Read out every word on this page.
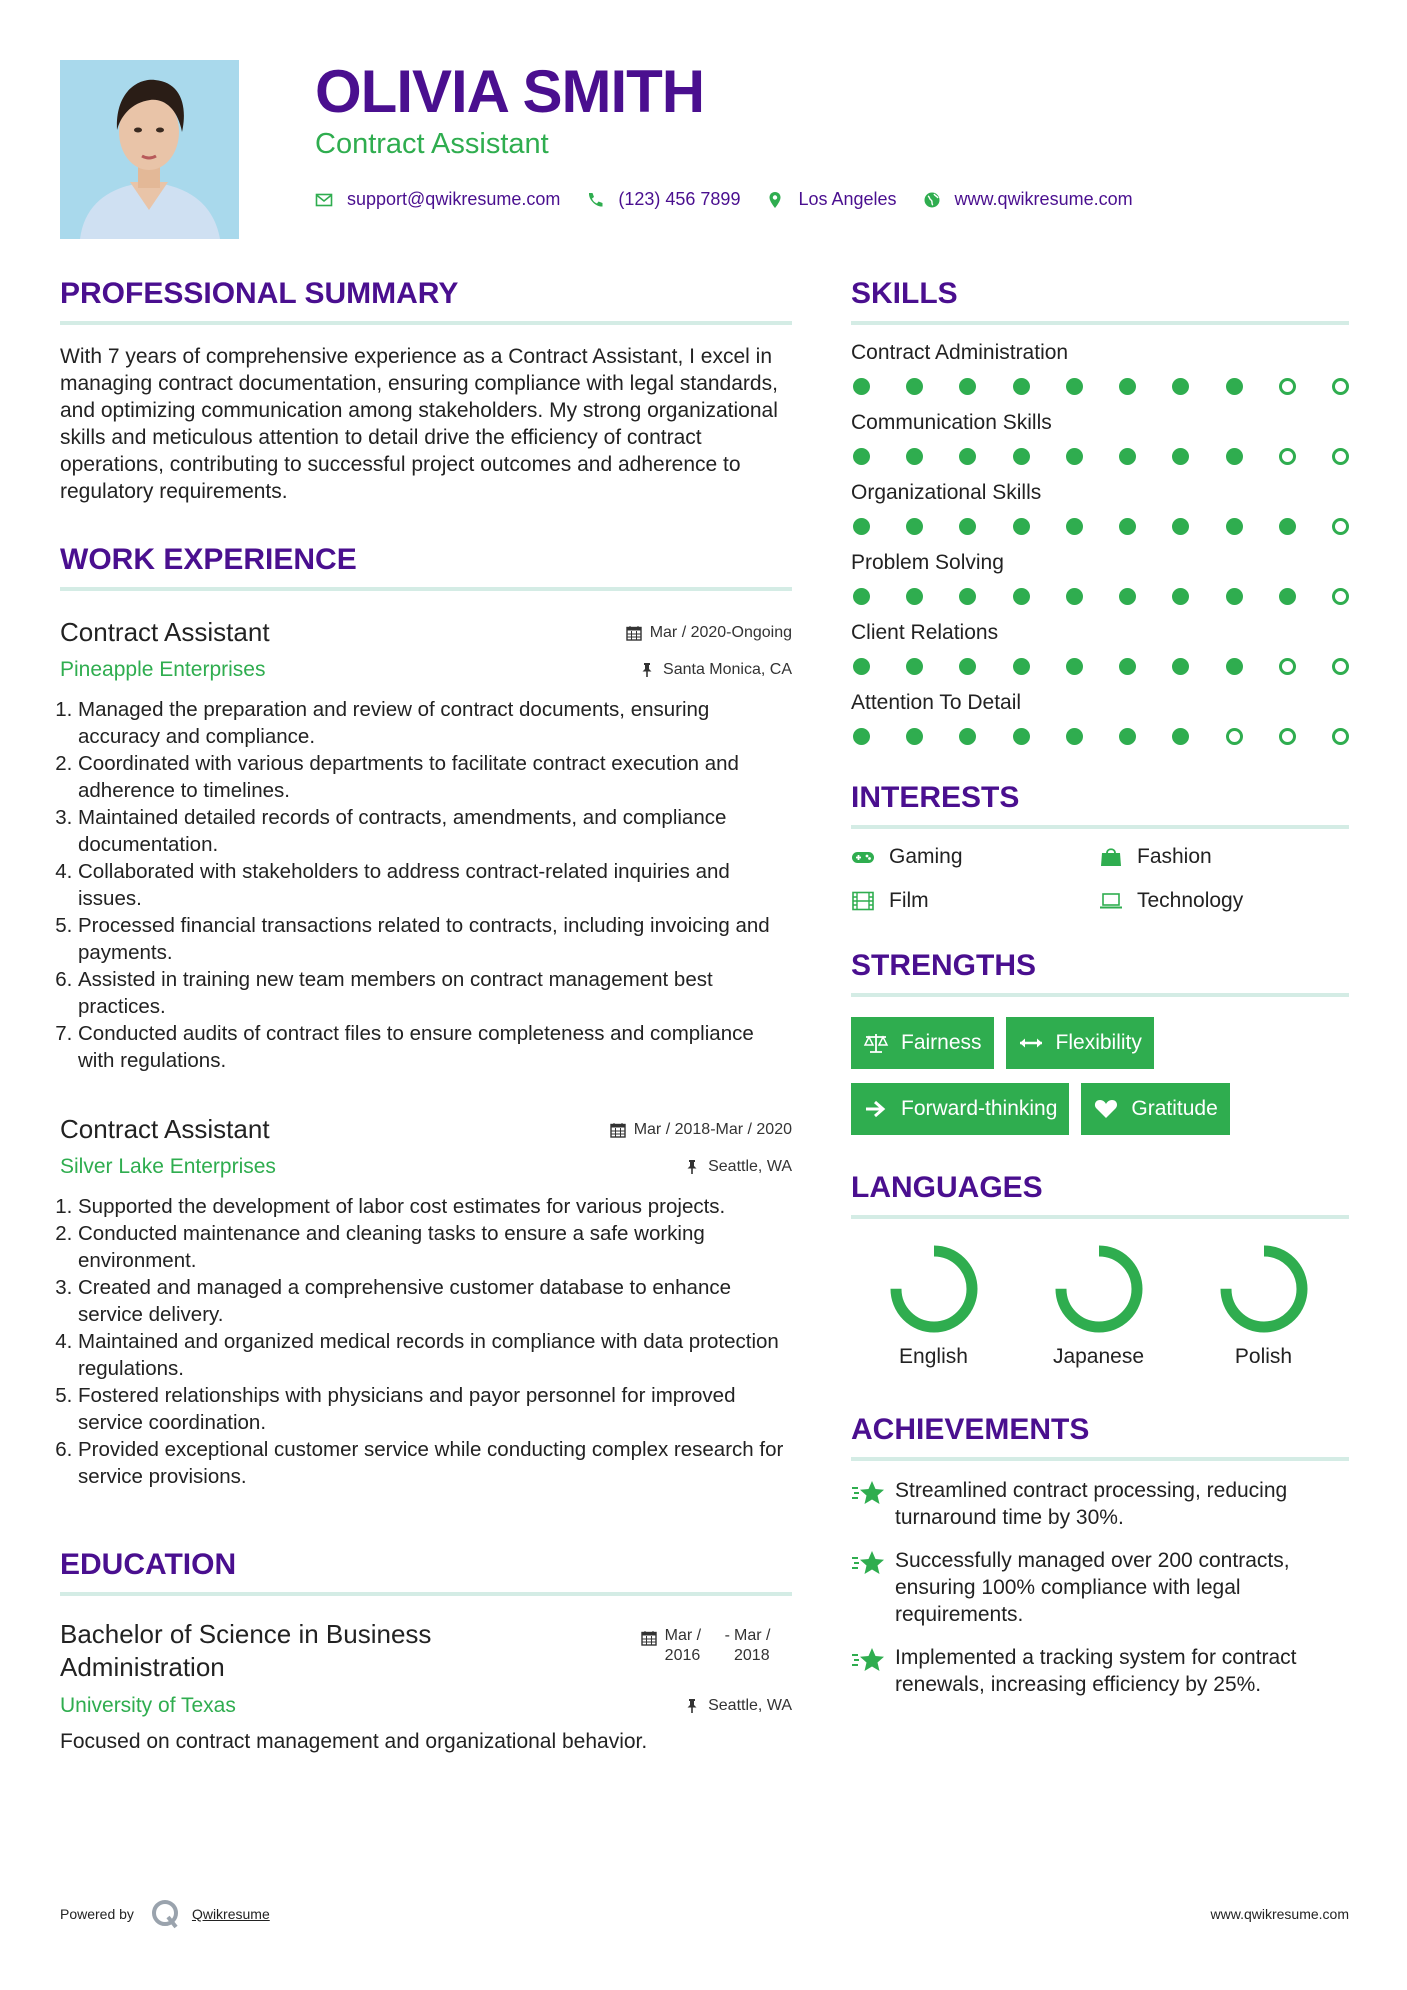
OLIVIA SMITH
Contract Assistant
support@qwikresume.com	(123) 456 7899	Los Angeles	www.qwikresume.com
PROFESSIONAL SUMMARY

With 7 years of comprehensive experience as a Contract Assistant, I excel in managing contract documentation, ensuring compliance with legal standards, and optimizing communication among stakeholders. My strong organizational skills and meticulous attention to detail drive the efficiency of contract operations, contributing to successful project outcomes and adherence to regulatory requirements.

WORK EXPERIENCE
Contract Assistant	Mar / 2020-Ongoing
Pineapple Enterprises	Santa Monica, CA
1. Managed the preparation and review of contract documents, ensuring accuracy and compliance.
2. Coordinated with various departments to facilitate contract execution and adherence to timelines.
3. Maintained detailed records of contracts, amendments, and compliance documentation.
4. Collaborated with stakeholders to address contract-related inquiries and issues.
5. Processed financial transactions related to contracts, including invoicing and payments.
6. Assisted in training new team members on contract management best practices.
7. Conducted audits of contract files to ensure completeness and compliance with regulations.
Contract Assistant	Mar / 2018-Mar / 2020
Silver Lake Enterprises	Seattle, WA
1. Supported the development of labor cost estimates for various projects.
2. Conducted maintenance and cleaning tasks to ensure a safe working environment.
3. Created and managed a comprehensive customer database to enhance service delivery.
4. Maintained and organized medical records in compliance with data protection regulations.
5. Fostered relationships with physicians and payor personnel for improved service coordination.
6. Provided exceptional customer service while conducting complex research for service provisions.
EDUCATION
Bachelor of Science in Business Administration
Mar / 2016
- Mar / 2018
University of Texas	Seattle, WA

Focused on contract management and organizational behavior.

SKILLS
Contract Administration
Communication Skills
Organizational Skills
Problem Solving
Client Relations
Attention To Detail
INTERESTS
Gaming	Fashion
Film	Technology
STRENGTHS
Fairness	Flexibility
Forward-thinking	Gratitude
LANGUAGES
English	Japanese	Polish
ACHIEVEMENTS
Streamlined contract processing, reducing turnaround time by 30%.
Successfully managed over 200 contracts, ensuring 100% compliance with legal requirements.
Implemented a tracking system for contract renewals, increasing efficiency by 25%.
Powered by	Qwikresume	www.qwikresume.com
